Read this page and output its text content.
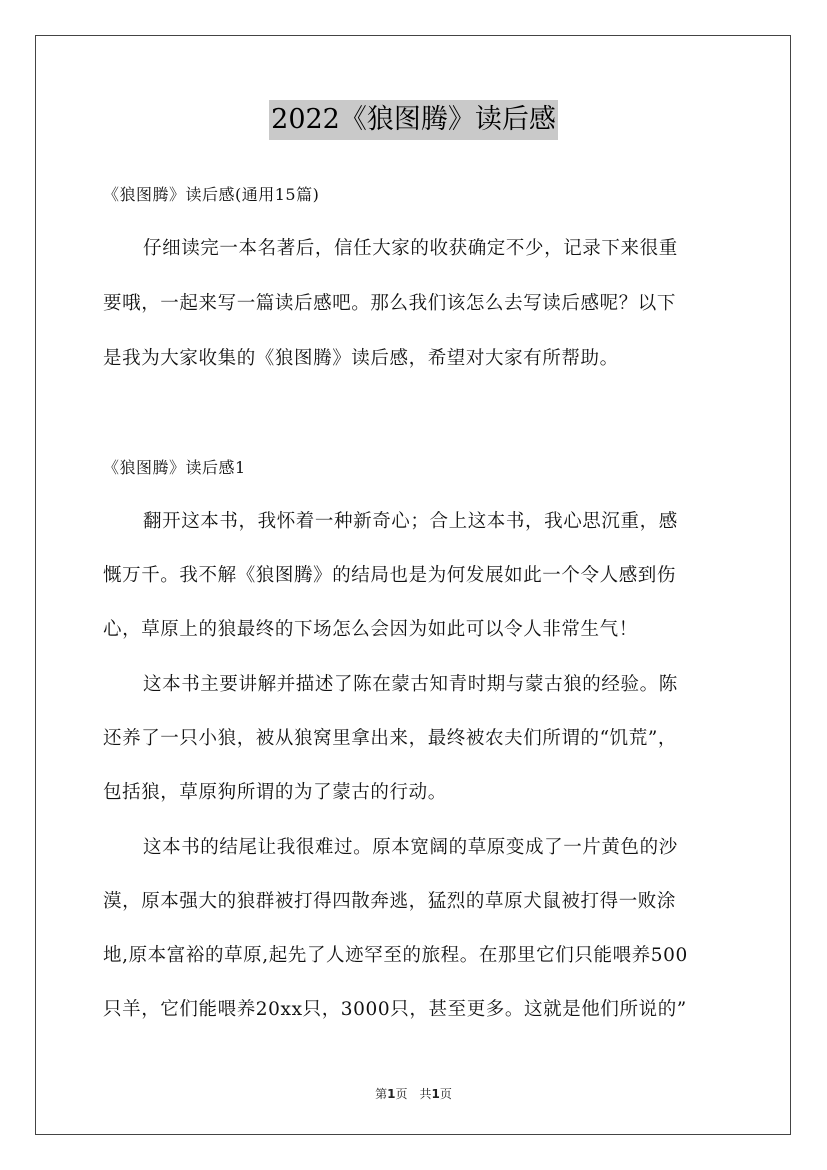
2022《狼图腾》读后感
《狼图腾》读后感(通用15篇)
仔细读完一本名著后，信任大家的收获确定不少，记录下来很重
要哦，一起来写一篇读后感吧。那么我们该怎么去写读后感呢？以下
是我为大家收集的《狼图腾》读后感，希望对大家有所帮助。
《狼图腾》读后感1
翻开这本书，我怀着一种新奇心；合上这本书，我心思沉重，感
慨万千。我不解《狼图腾》的结局也是为何发展如此一个令人感到伤
心，草原上的狼最终的下场怎么会因为如此可以令人非常生气！
这本书主要讲解并描述了陈在蒙古知青时期与蒙古狼的经验。陈
还养了一只小狼，被从狼窝里拿出来，最终被农夫们所谓的“饥荒”，
包括狼，草原狗所谓的为了蒙古的行动。
这本书的结尾让我很难过。原本宽阔的草原变成了一片黄色的沙
漠，原本强大的狼群被打得四散奔逃，猛烈的草原犬鼠被打得一败涂
地,原本富裕的草原,起先了人迹罕至的旅程。在那里它们只能喂养500
只羊，它们能喂养20xx只，3000只，甚至更多。这就是他们所说的”
第1页　共1页
